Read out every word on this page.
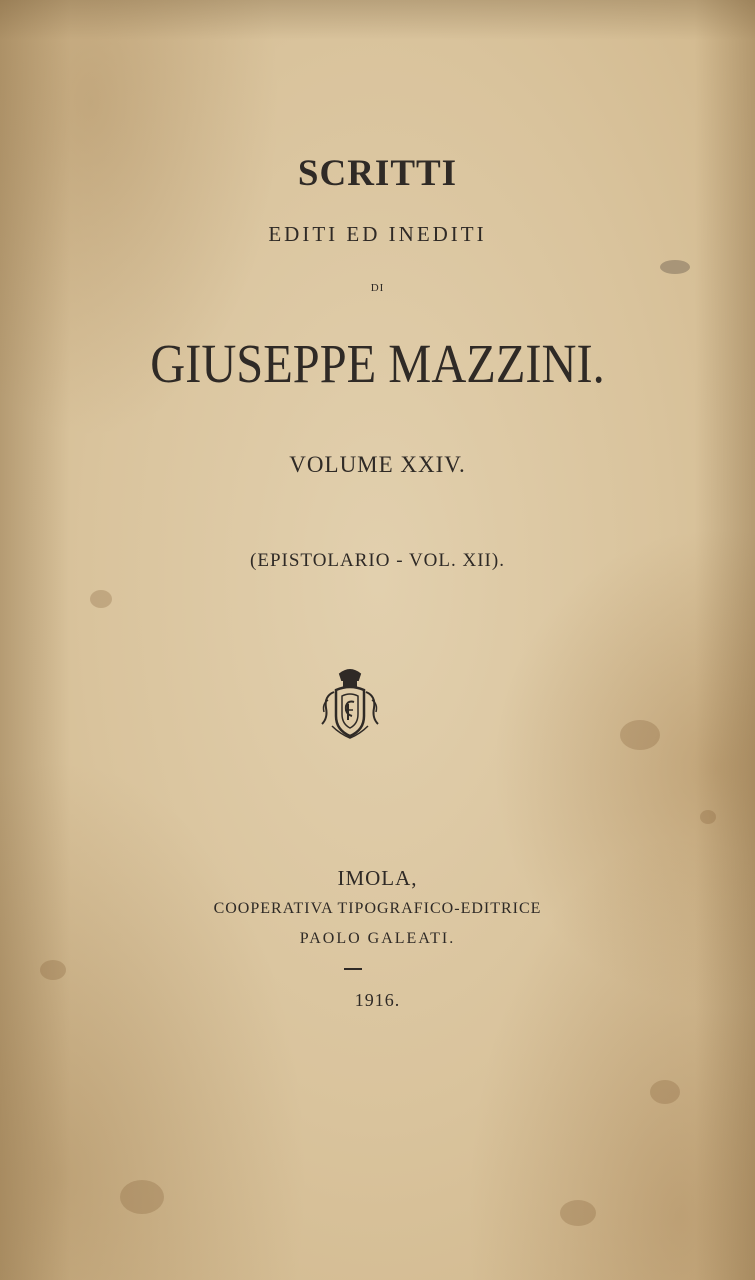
SCRITTI
EDITI ED INEDITI
DI
GIUSEPPE MAZZINI.
VOLUME XXIV.
(EPISTOLARIO - VOL. XII).
IMOLA,
COOPERATIVA TIPOGRAFICO-EDITRICE
PAOLO GALEATI.
1916.
